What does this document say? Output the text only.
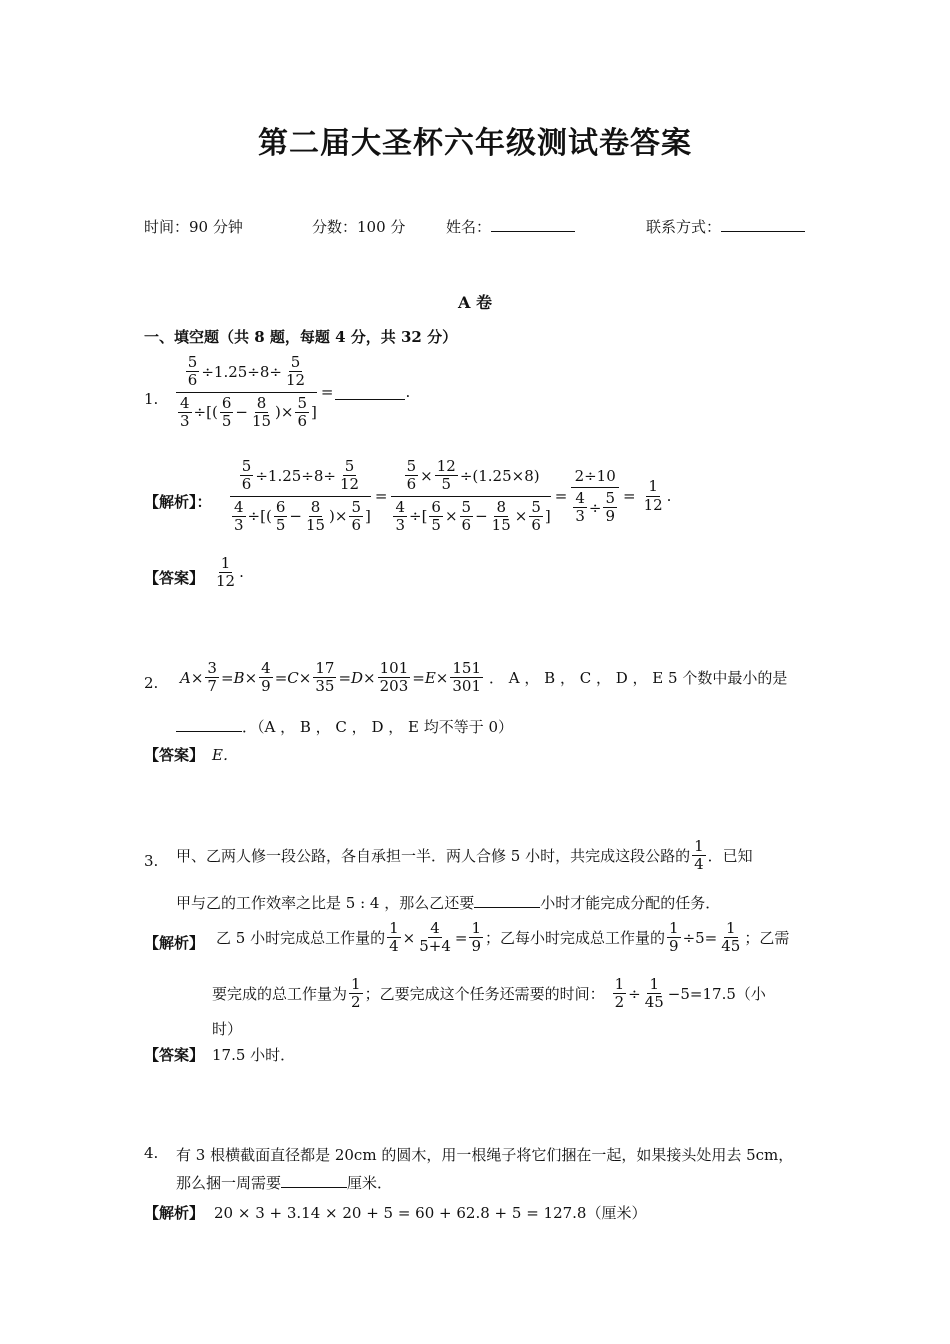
第二届大圣杯六年级测试卷答案
时间：90 分钟	分数：100 分	姓名：	联系方式：
A 卷
一、填空题（共 8 题，每题 4 分，共 32 分）
1. 5
6 ÷1.25÷8÷
5
12
4
3 ÷[(
6
5 −
8
15 )×
5
6 ] =	.
【解析】： 5
6 ÷1.25÷8÷
5
12
4
3 ÷[(
6
5 −
8
15 )×
5
6 ] = 5
6 ×
12
5 ÷(1.25×8)
4
3 ÷[
6
5 ×
5
6 −
8
15 ×
5
6 ] = 2÷10
4
3 ÷
5
$9 = \frac{1}{12}$ .
【答案】 $\frac{1}{12}$ .
2. A ×
3
7 = B ×
4
9 = C ×
17
35 = D ×
101
203 = E ×
151
301 ． A ， B ， C ， D ， E 5 个数中最小的是
．（A ， B ， C ， D ， E 均不等于 0）
【答案】 E．
3. 甲、乙两人修一段公路，各自承担一半．两人合修 5 小时，共完成这段公路的
1
4 ．已知
甲与乙的工作效率之比是 5 : 4 ，那么乙还要	小时才能完成分配的任务．
【解析】 乙 5 小时完成总工作量的
1
4 ×
4
5+4 =
1
9 ；乙每小时完成总工作量的
1
9 ÷5=
1
45 ；乙需
要完成的总工作量为
1
2 ；乙要完成这个任务还需要的时间：
1
2 ÷
1
45 −5=17.5 （小
时）
【答案】 17.5 小时．
4. 有 3 根横截面直径都是 20cm 的圆木，用一根绳子将它们捆在一起，如果接头处用去 5cm，
那么捆一周需要	厘米．
【解析】 20 × 3 + 3.14 × 20 + 5 = 60 + 62.8 + 5 = 127.8（厘米）
